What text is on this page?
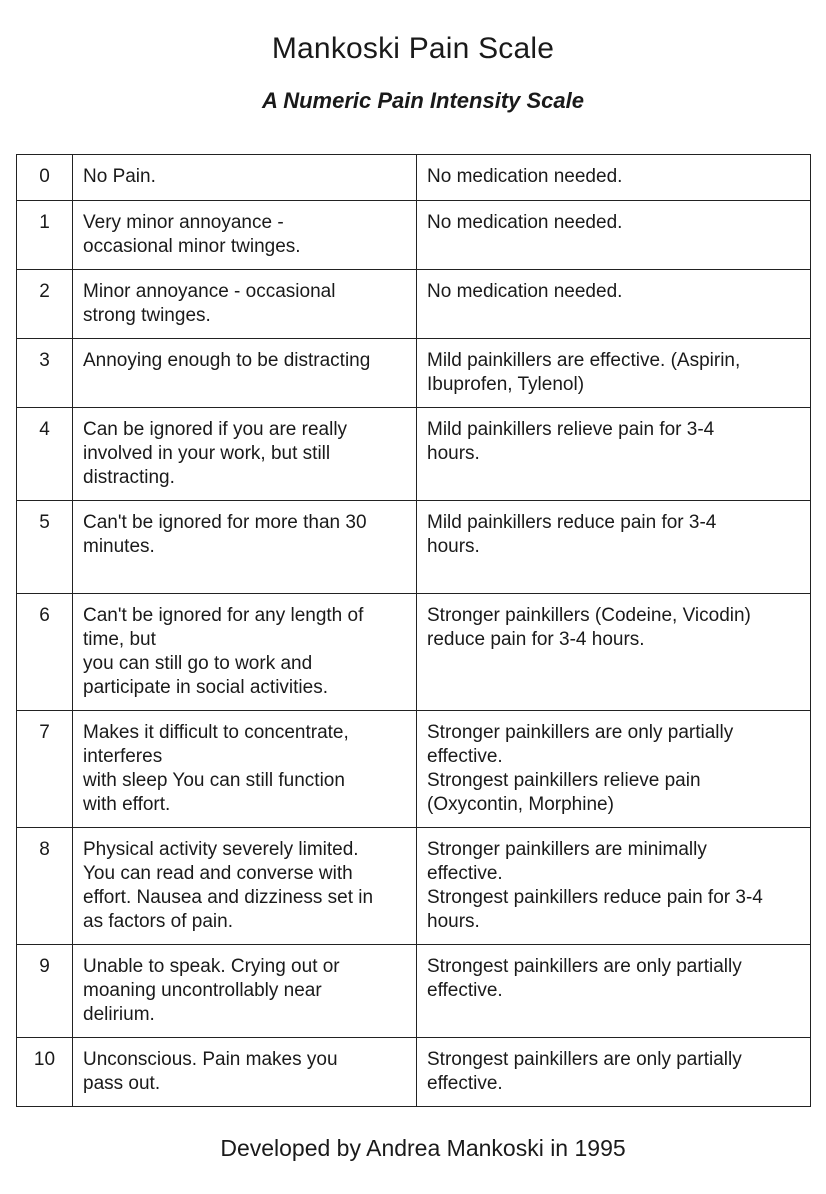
Mankoski Pain Scale
A Numeric Pain Intensity Scale
0	No Pain.	No medication needed.

1	Very minor annoyance -
occasional minor twinges.	No medication needed.

2	Minor annoyance - occasional
strong twinges.	No medication needed.

3	Annoying enough to be distracting	Mild painkillers are effective. (Aspirin,
Ibuprofen, Tylenol)

4	Can be ignored if you are really
involved in your work, but still
distracting.	Mild painkillers relieve pain for 3-4
hours.

5	Can't be ignored for more than 30
minutes.	Mild painkillers reduce pain for 3-4
hours.

6	Can't be ignored for any length of
time, but
you can still go to work and
participate in social activities.	Stronger painkillers (Codeine, Vicodin)
reduce pain for 3-4 hours.

7	Makes it difficult to concentrate,
interferes
with sleep You can still function
with effort.	Stronger painkillers are only partially
effective.
Strongest painkillers relieve pain
(Oxycontin, Morphine)

8	Physical activity severely limited.
You can read and converse with
effort. Nausea and dizziness set in
as factors of pain.	Stronger painkillers are minimally
effective.
Strongest painkillers reduce pain for 3-4
hours.

9	Unable to speak. Crying out or
moaning uncontrollably near
delirium.	Strongest painkillers are only partially
effective.

10	Unconscious. Pain makes you
pass out.	Strongest painkillers are only partially
effective.

Developed by Andrea Mankoski in 1995
